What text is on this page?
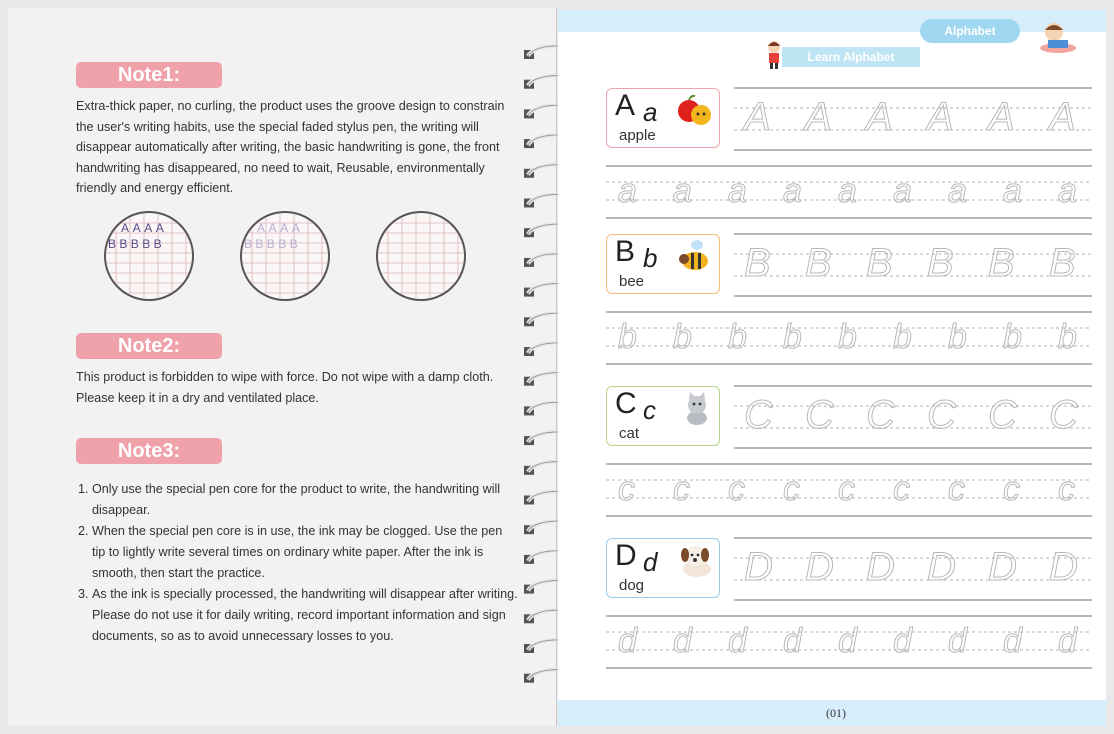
Note1:
Extra-thick paper, no curling, the product uses the groove design to constrain the user's writing habits, use the special faded stylus pen, the writing will disappear automatically after writing, the basic handwriting is gone, the front handwriting has disappeared, no need to wait, Reusable, environmentally friendly and energy efficient.
AAAA
BBBBB
AAAA
BBBBB
Note2:
This product is forbidden to wipe with force. Do not wipe with a damp cloth. Please keep it in a dry and ventilated place.
Note3:
1. Only use the special pen core for the product to write, the handwriting will disappear.
2. When the special pen core is in use, the ink may be clogged. Use the pen tip to lightly write several times on ordinary white paper. After the ink is smooth, then start the practice.
3. As the ink is specially processed, the handwriting will disappear after writing. Please do not use it for daily writing, record important information and sign documents, so as to avoid unnecessary losses to you.
Alphabet
Learn Alphabet
A A A A A A
a a a a a a a a a
B B B B B B
b b b b b b b b b
C C C C C C
c c c c c c c c c
D D D D D D
d d d d d d d d d
A a
apple
B b
bee
C c
cat
D d
dog
(01)
